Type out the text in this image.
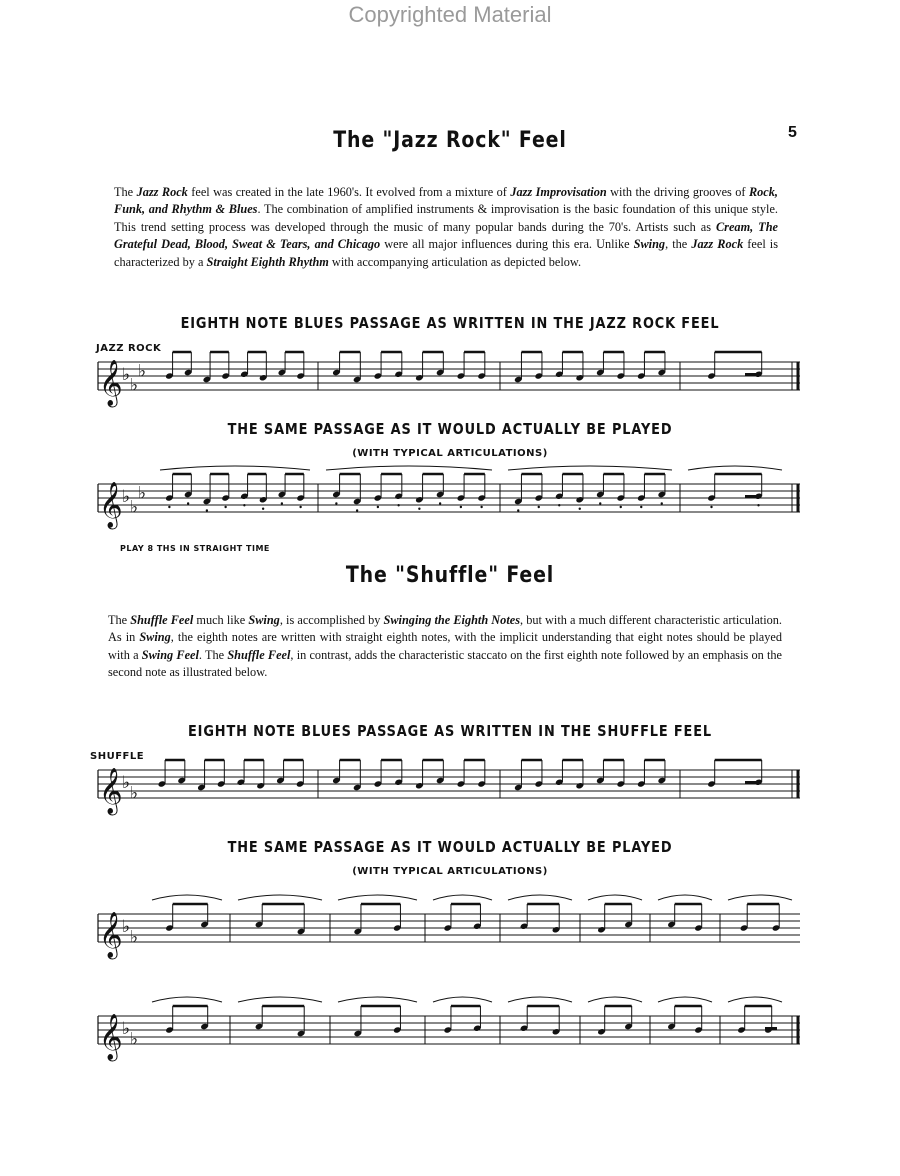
Copyrighted Material
5
The "Jazz Rock" Feel
The Jazz Rock feel was created in the late 1960's. It evolved from a mixture of Jazz Improvisation with the driving grooves of Rock, Funk, and Rhythm & Blues. The combination of amplified instruments & improvisation is the basic foundation of this unique style. This trend setting process was developed through the music of many popular bands during the 70's. Artists such as Cream, The Grateful Dead, Blood, Sweat & Tears, and Chicago were all major influences during this era. Unlike Swing, the Jazz Rock feel is characterized by a Straight Eighth Rhythm with accompanying articulation as depicted below.
EIGHTH NOTE BLUES PASSAGE AS WRITTEN IN THE JAZZ ROCK FEEL
JAZZ ROCK
𝄞 ♭
♭
♭
THE SAME PASSAGE AS IT WOULD ACTUALLY BE PLAYED
(WITH TYPICAL ARTICULATIONS)
𝄞 ♭
♭
♭
PLAY 8 THS IN STRAIGHT TIME
The "Shuffle" Feel
The Shuffle Feel much like Swing, is accomplished by Swinging the Eighth Notes, but with a much different characteristic articulation. As in Swing, the eighth notes are written with straight eighth notes, with the implicit understanding that eight notes should be played with a Swing Feel. The Shuffle Feel, in contrast, adds the characteristic staccato on the first eighth note followed by an emphasis on the second note as illustrated below.
EIGHTH NOTE BLUES PASSAGE AS WRITTEN IN THE SHUFFLE FEEL
SHUFFLE
𝄞 ♭
♭
THE SAME PASSAGE AS IT WOULD ACTUALLY BE PLAYED
(WITH TYPICAL ARTICULATIONS)
𝄞 ♭
♭
𝄞 ♭
♭
